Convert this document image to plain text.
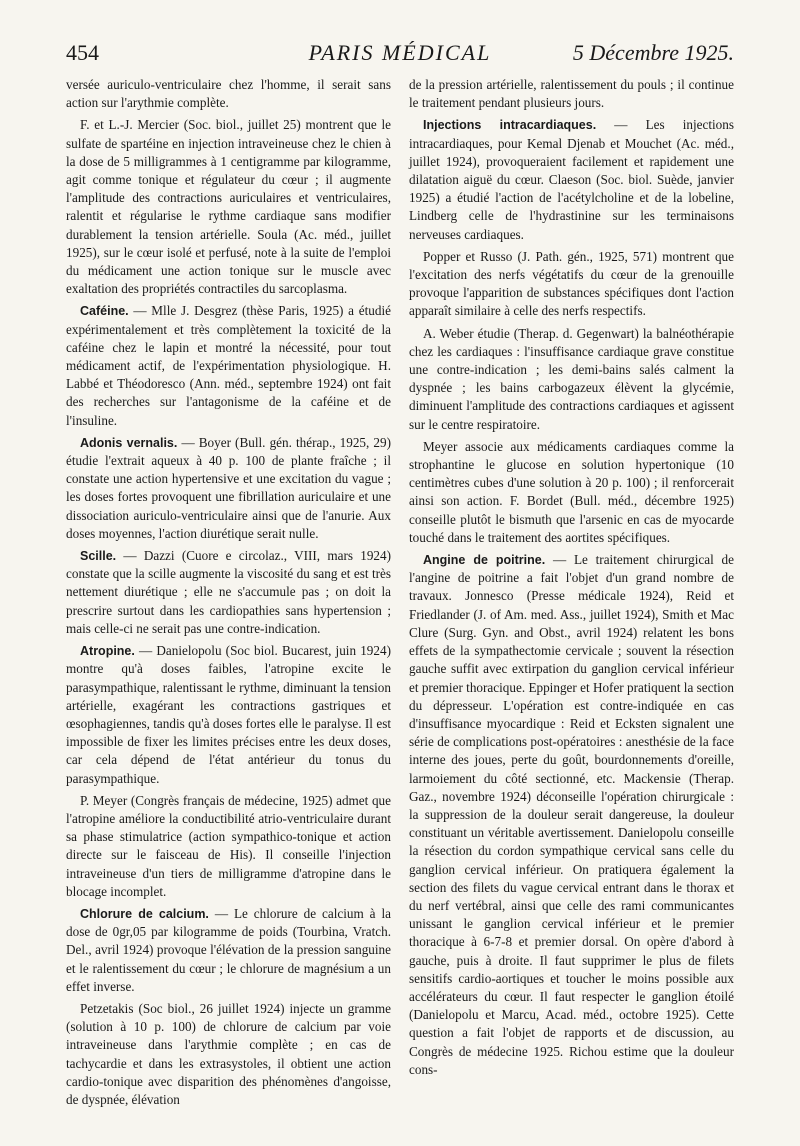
454	PARIS MÉDICAL	5 Décembre 1925.

versée auriculo-ventriculaire chez l'homme, il serait sans action sur l'arythmie complète.

F. et L.-J. Mercier (Soc. biol., juillet 25) montrent que le sulfate de spartéine en injection intraveineuse chez le chien à la dose de 5 milligrammes à 1 centigramme par kilogramme, agit comme tonique et régulateur du cœur ; il augmente l'amplitude des contractions auriculaires et ventriculaires, ralentit et régularise le rythme cardiaque sans modifier durablement la tension artérielle. Soula (Ac. méd., juillet 1925), sur le cœur isolé et perfusé, note à la suite de l'emploi du médicament une action tonique sur le muscle avec exaltation des propriétés contractiles du sarcoplasma.

Caféine. — Mlle J. Desgrez (thèse Paris, 1925) a étudié expérimentalement et très complètement la toxicité de la caféine chez le lapin et montré la nécessité, pour tout médicament actif, de l'expérimentation physiologique. H. Labbé et Théodoresco (Ann. méd., septembre 1924) ont fait des recherches sur l'antagonisme de la caféine et de l'insuline.

Adonis vernalis. — Boyer (Bull. gén. thérap., 1925, 29) étudie l'extrait aqueux à 40 p. 100 de plante fraîche ; il constate une action hypertensive et une excitation du vague ; les doses fortes provoquent une fibrillation auriculaire et une dissociation auriculo-ventriculaire ainsi que de l'anurie. Aux doses moyennes, l'action diurétique serait nulle.

Scille. — Dazzi (Cuore e circolaz., VIII, mars 1924) constate que la scille augmente la viscosité du sang et est très nettement diurétique ; elle ne s'accumule pas ; on doit la prescrire surtout dans les cardiopathies sans hypertension ; mais celle-ci ne serait pas une contre-indication.

Atropine. — Danielopolu (Soc biol. Bucarest, juin 1924) montre qu'à doses faibles, l'atropine excite le parasympathique, ralentissant le rythme, diminuant la tension artérielle, exagérant les contractions gastriques et œsophagiennes, tandis qu'à doses fortes elle le paralyse. Il est impossible de fixer les limites précises entre les deux doses, car cela dépend de l'état antérieur du tonus du parasympathique.

P. Meyer (Congrès français de médecine, 1925) admet que l'atropine améliore la conductibilité atrio-ventriculaire durant sa phase stimulatrice (action sympathico-tonique et action directe sur le faisceau de His). Il conseille l'injection intraveineuse d'un tiers de milligramme d'atropine dans le blocage incomplet.

Chlorure de calcium. — Le chlorure de calcium à la dose de 0gr,05 par kilogramme de poids (Tourbina, Vratch. Del., avril 1924) provoque l'élévation de la pression sanguine et le ralentissement du cœur ; le chlorure de magnésium a un effet inverse.

Petzetakis (Soc biol., 26 juillet 1924) injecte un gramme (solution à 10 p. 100) de chlorure de calcium par voie intraveineuse dans l'arythmie complète ; en cas de tachycardie et dans les extrasystoles, il obtient une action cardio-tonique avec disparition des phénomènes d'angoisse, de dyspnée, élévation

de la pression artérielle, ralentissement du pouls ; il continue le traitement pendant plusieurs jours.

Injections intracardiaques. — Les injections intracardiaques, pour Kemal Djenab et Mouchet (Ac. méd., juillet 1924), provoqueraient facilement et rapidement une dilatation aiguë du cœur. Claeson (Soc. biol. Suède, janvier 1925) a étudié l'action de l'acétylcholine et de la lobeline, Lindberg celle de l'hydrastinine sur les terminaisons nerveuses cardiaques.

Popper et Russo (J. Path. gén., 1925, 571) montrent que l'excitation des nerfs végétatifs du cœur de la grenouille provoque l'apparition de substances spécifiques dont l'action apparaît similaire à celle des nerfs respectifs.

A. Weber étudie (Therap. d. Gegenwart) la balnéothérapie chez les cardiaques : l'insuffisance cardiaque grave constitue une contre-indication ; les demi-bains salés calment la dyspnée ; les bains carbogazeux élèvent la glycémie, diminuent l'amplitude des contractions cardiaques et agissent sur le centre respiratoire.

Meyer associe aux médicaments cardiaques comme la strophantine le glucose en solution hypertonique (10 centimètres cubes d'une solution à 20 p. 100) ; il renforcerait ainsi son action. F. Bordet (Bull. méd., décembre 1925) conseille plutôt le bismuth que l'arsenic en cas de myocarde touché dans le traitement des aortites spécifiques.

Angine de poitrine. — Le traitement chirurgical de l'angine de poitrine a fait l'objet d'un grand nombre de travaux. Jonnesco (Presse médicale 1924), Reid et Friedlander (J. of Am. med. Ass., juillet 1924), Smith et Mac Clure (Surg. Gyn. and Obst., avril 1924) relatent les bons effets de la sympathectomie cervicale ; souvent la résection gauche suffit avec extirpation du ganglion cervical inférieur et premier thoracique. Eppinger et Hofer pratiquent la section du dépresseur. L'opération est contre-indiquée en cas d'insuffisance myocardique : Reid et Ecksten signalent une série de complications post-opératoires : anesthésie de la face interne des joues, perte du goût, bourdonnements d'oreille, larmoiement du côté sectionné, etc. Mackensie (Therap. Gaz., novembre 1924) déconseille l'opération chirurgicale : la suppression de la douleur serait dangereuse, la douleur constituant un véritable avertissement. Danielopolu conseille la résection du cordon sympathique cervical sans celle du ganglion cervical inférieur. On pratiquera également la section des filets du vague cervical entrant dans le thorax et du nerf vertébral, ainsi que celle des rami communicantes unissant le ganglion cervical inférieur et le premier thoracique à 6-7-8 et premier dorsal. On opère d'abord à gauche, puis à droite. Il faut supprimer le plus de filets sensitifs cardio-aortiques et toucher le moins possible aux accélérateurs du cœur. Il faut respecter le ganglion étoilé (Danielopolu et Marcu, Acad. méd., octobre 1925). Cette question a fait l'objet de rapports et de discussion, au Congrès de médecine 1925. Richou estime que la douleur cons-
